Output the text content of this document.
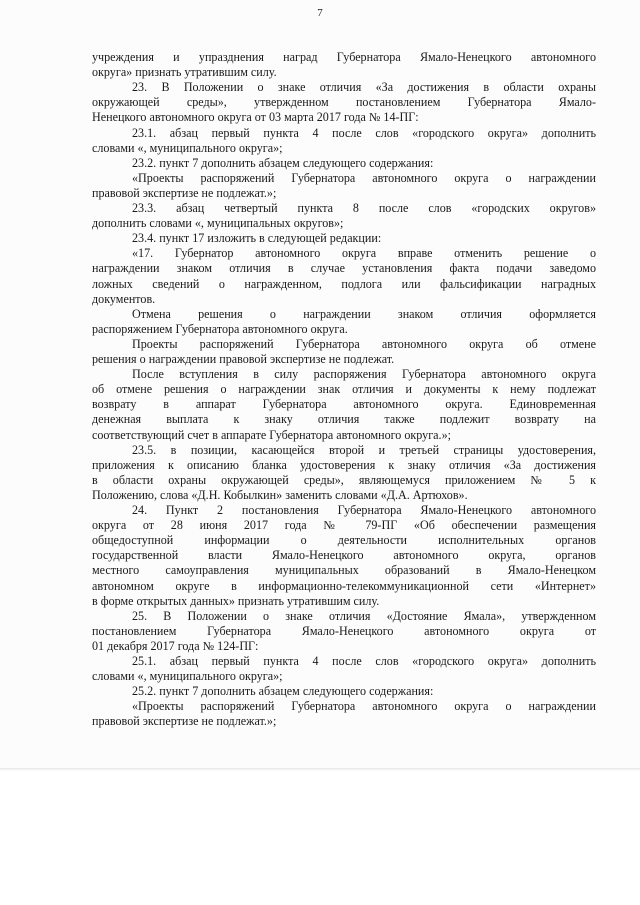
7
учреждения и упразднения наград Губернатора Ямало-Ненецкого автономного
округа» признать утратившим силу.
23. В Положении о знаке отличия «За достижения в области охраны
окружающей среды», утвержденном постановлением Губернатора Ямало-
Ненецкого автономного округа от 03 марта 2017 года № 14-ПГ:
23.1. абзац первый пункта 4 после слов «городского округа» дополнить
словами «, муниципального округа»;
23.2. пункт 7 дополнить абзацем следующего содержания:
«Проекты распоряжений Губернатора автономного округа о награждении
правовой экспертизе не подлежат.»;
23.3. абзац четвертый пункта 8 после слов «городских округов»
дополнить словами «, муниципальных округов»;
23.4. пункт 17 изложить в следующей редакции:
«17. Губернатор автономного округа вправе отменить решение о
награждении знаком отличия в случае установления факта подачи заведомо
ложных сведений о награжденном, подлога или фальсификации наградных
документов.
Отмена решения о награждении знаком отличия оформляется
распоряжением Губернатора автономного округа.
Проекты распоряжений Губернатора автономного округа об отмене
решения о награждении правовой экспертизе не подлежат.
После вступления в силу распоряжения Губернатора автономного округа
об отмене решения о награждении знак отличия и документы к нему подлежат
возврату в аппарат Губернатора автономного округа. Единовременная
денежная выплата к знаку отличия также подлежит возврату на
соответствующий счет в аппарате Губернатора автономного округа.»;
23.5. в позиции, касающейся второй и третьей страницы удостоверения,
приложения к описанию бланка удостоверения к знаку отличия «За достижения
в области охраны окружающей среды», являющемуся приложением № 5 к
Положению, слова «Д.Н. Кобылкин» заменить словами «Д.А. Артюхов».
24. Пункт 2 постановления Губернатора Ямало-Ненецкого автономного
округа от 28 июня 2017 года № 79-ПГ «Об обеспечении размещения
общедоступной информации о деятельности исполнительных органов
государственной власти Ямало-Ненецкого автономного округа, органов
местного самоуправления муниципальных образований в Ямало-Ненецком
автономном округе в информационно-телекоммуникационной сети «Интернет»
в форме открытых данных» признать утратившим силу.
25. В Положении о знаке отличия «Достояние Ямала», утвержденном
постановлением Губернатора Ямало-Ненецкого автономного округа от
01 декабря 2017 года № 124-ПГ:
25.1. абзац первый пункта 4 после слов «городского округа» дополнить
словами «, муниципального округа»;
25.2. пункт 7 дополнить абзацем следующего содержания:
«Проекты распоряжений Губернатора автономного округа о награждении
правовой экспертизе не подлежат.»;
